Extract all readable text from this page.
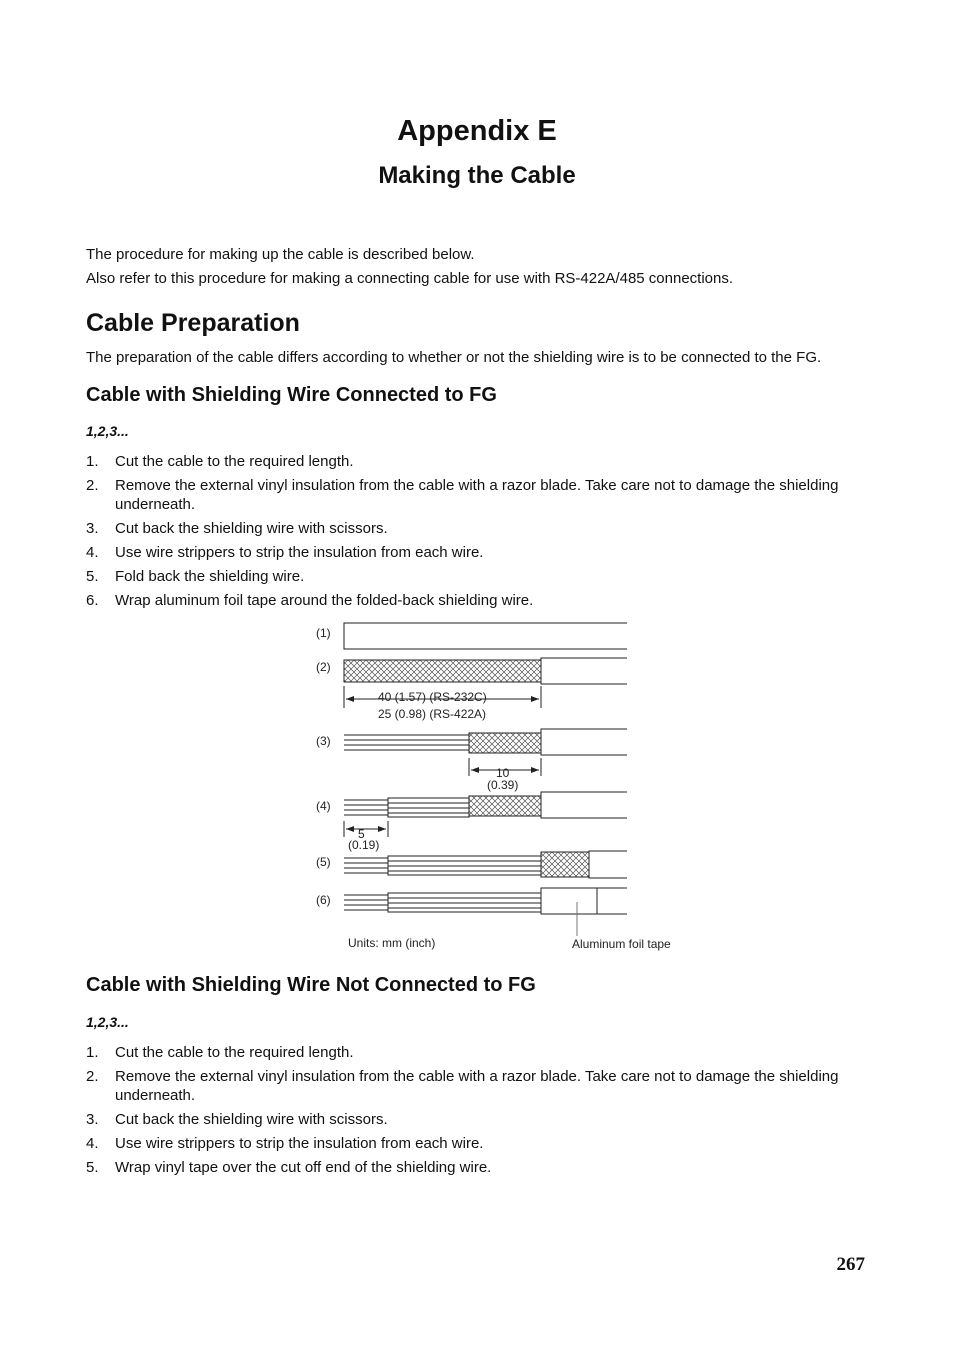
Appendix E
Making the Cable
The procedure for making up the cable is described below.
Also refer to this procedure for making a connecting cable for use with RS-422A/485 connections.
Cable Preparation
The preparation of the cable differs according to whether or not the shielding wire is to be connected to the FG.
Cable with Shielding Wire Connected to FG
1,2,3...
1. Cut the cable to the required length.
2. Remove the external vinyl insulation from the cable with a razor blade. Take care not to damage the shielding underneath.
3. Cut back the shielding wire with scissors.
4. Use wire strippers to strip the insulation from each wire.
5. Fold back the shielding wire.
6. Wrap aluminum foil tape around the folded-back shielding wire.
(1)
(2)
(3)
(4)
(5)
(6)
40 (1.57) (RS-232C)
25 (0.98) (RS-422A)
10
(0.39)
5
(0.19)
Units: mm (inch)	Aluminum foil tape
Cable with Shielding Wire Not Connected to FG
1,2,3...
1. Cut the cable to the required length.
2. Remove the external vinyl insulation from the cable with a razor blade. Take care not to damage the shielding underneath.
3. Cut back the shielding wire with scissors.
4. Use wire strippers to strip the insulation from each wire.
5. Wrap vinyl tape over the cut off end of the shielding wire.
267
